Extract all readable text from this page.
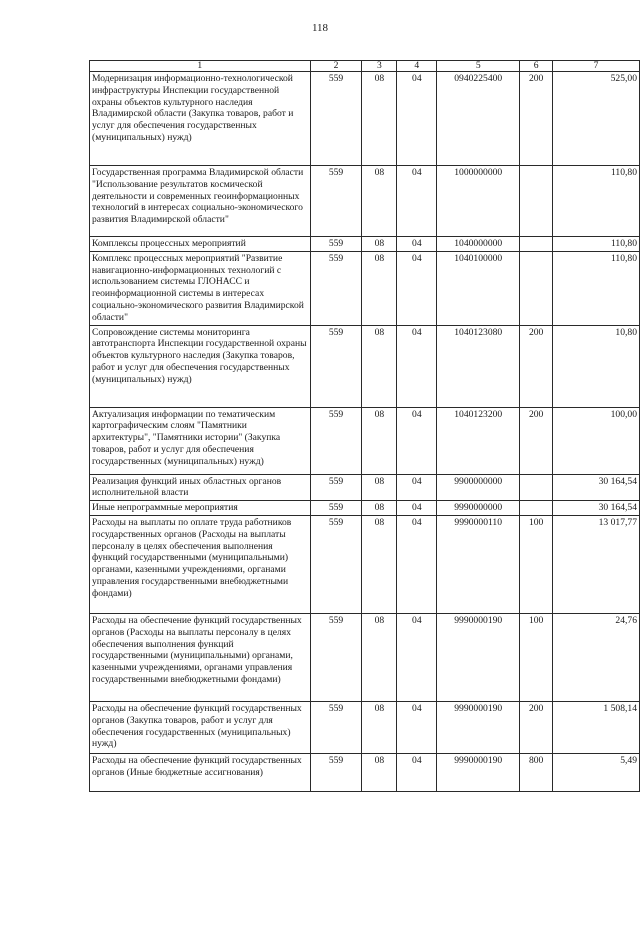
118
1	2	3	4	5	6	7
Модернизация информационно-технологической инфраструктуры Инспекции государственной охраны объектов культурного наследия Владимирской области (Закупка товаров, работ и услуг для обеспечения государственных (муниципальных) нужд)	559	08	04	0940225400	200	525,00
Государственная программа Владимирской области "Использование результатов космической деятельности и современных геоинформационных технологий в интересах социально-экономического развития Владимирской области"	559	08	04	1000000000		110,80
Комплексы процессных мероприятий	559	08	04	1040000000		110,80
Комплекс процессных мероприятий "Развитие навигационно-информационных технологий с использованием системы ГЛОНАСС и геоинформационной системы в интересах социально-экономического развития Владимирской области"	559	08	04	1040100000		110,80
Сопровождение системы мониторинга автотранспорта Инспекции государственной охраны объектов культурного наследия (Закупка товаров, работ и услуг для обеспечения государственных (муниципальных) нужд)	559	08	04	1040123080	200	10,80
Актуализация информации по тематическим картографическим слоям "Памятники архитектуры", "Памятники истории" (Закупка товаров, работ и услуг для обеспечения государственных (муниципальных) нужд)	559	08	04	1040123200	200	100,00
Реализация функций иных областных органов исполнительной власти	559	08	04	9900000000		30 164,54
Иные непрограммные мероприятия	559	08	04	9990000000		30 164,54
Расходы на выплаты по оплате труда работников государственных органов (Расходы на выплаты персоналу в целях обеспечения выполнения функций государственными (муниципальными) органами, казенными учреждениями, органами управления государственными внебюджетными фондами)	559	08	04	9990000110	100	13 017,77
Расходы на обеспечение функций государственных органов (Расходы на выплаты персоналу в целях обеспечения выполнения функций государственными (муниципальными) органами, казенными учреждениями, органами управления государственными внебюджетными фондами)	559	08	04	9990000190	100	24,76
Расходы на обеспечение функций государственных органов (Закупка товаров, работ и услуг для обеспечения государственных (муниципальных) нужд)	559	08	04	9990000190	200	1 508,14
Расходы на обеспечение функций государственных органов (Иные бюджетные ассигнования)	559	08	04	9990000190	800	5,49
